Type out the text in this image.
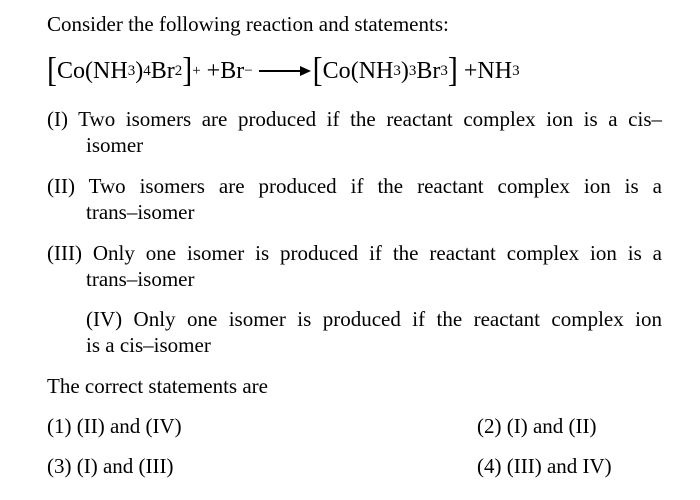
Consider the following reaction and statements:
[ Co ( NH 3 ) 4 Br 2 ] + + Br − [ Co ( NH 3 ) 3 Br 3 ] + NH 3
(I) Two isomers are produced if the reactant complex ion is a cis–
isomer
(II) Two isomers are produced if the reactant complex ion is a
trans–isomer
(III) Only one isomer is produced if the reactant complex ion is a
trans–isomer
(IV) Only one isomer is produced if the reactant complex ion
is a cis–isomer
The correct statements are
(1) (II) and (IV)	(2) (I) and (II)
(3) (I) and (III)	(4) (III) and IV)
